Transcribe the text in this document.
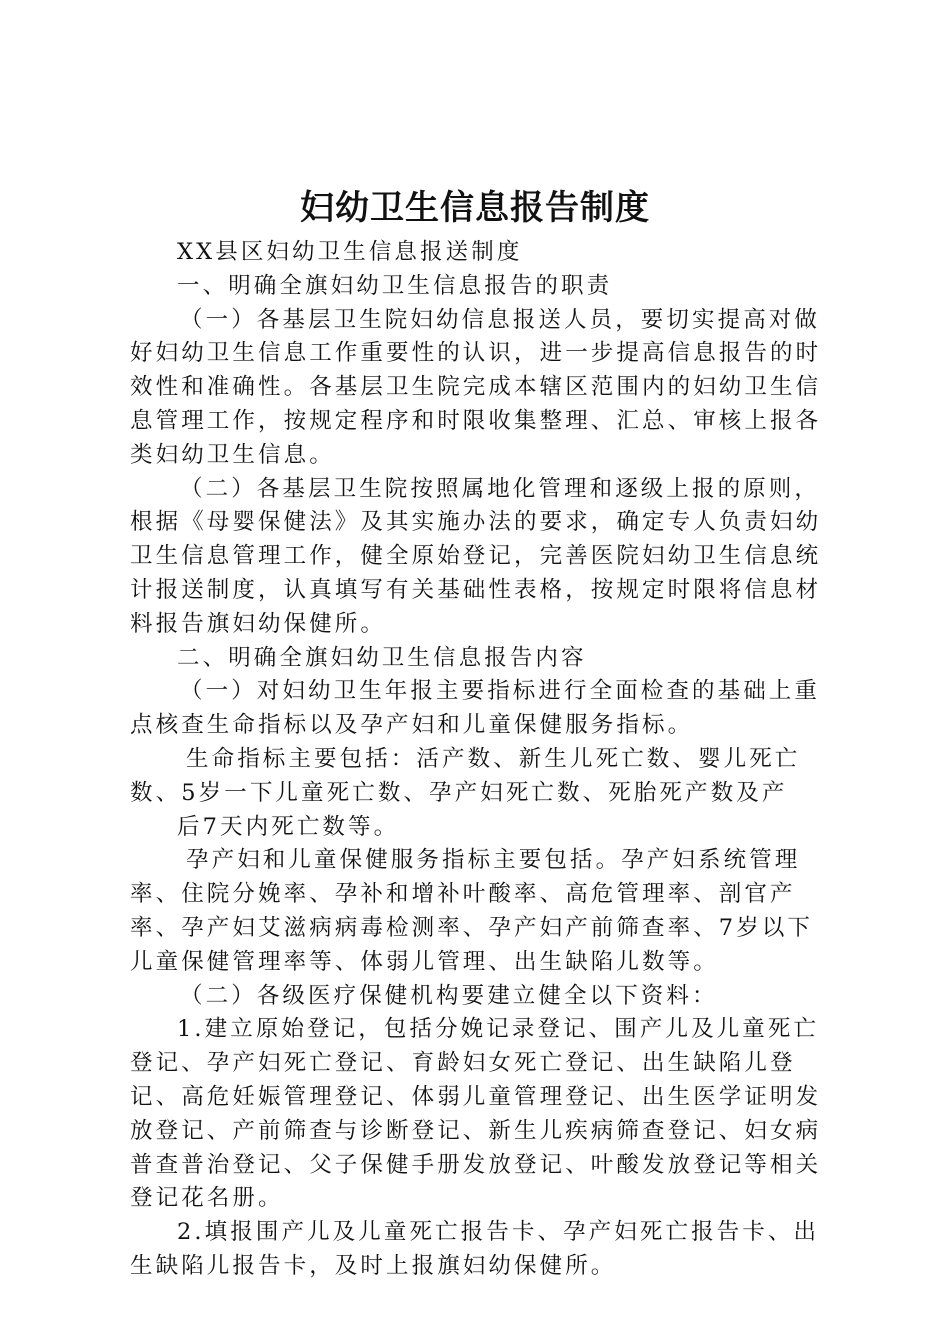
妇幼卫生信息报告制度

XX县区妇幼卫生信息报送制度

一、明确全旗妇幼卫生信息报告的职责

（一）各基层卫生院妇幼信息报送人员，要切实提高对做好妇幼卫生信息工作重要性的认识，进一步提高信息报告的时效性和准确性。各基层卫生院完成本辖区范围内的妇幼卫生信息管理工作，按规定程序和时限收集整理、汇总、审核上报各类妇幼卫生信息。

（二）各基层卫生院按照属地化管理和逐级上报的原则，根据《母婴保健法》及其实施办法的要求，确定专人负责妇幼卫生信息管理工作，健全原始登记，完善医院妇幼卫生信息统计报送制度，认真填写有关基础性表格，按规定时限将信息材料报告旗妇幼保健所。

二、明确全旗妇幼卫生信息报告内容

（一）对妇幼卫生年报主要指标进行全面检查的基础上重点核查生命指标以及孕产妇和儿童保健服务指标。

生命指标主要包括：活产数、新生儿死亡数、婴儿死亡数、5岁一下儿童死亡数、孕产妇死亡数、死胎死产数及产

后7天内死亡数等。

孕产妇和儿童保健服务指标主要包括。孕产妇系统管理率、住院分娩率、孕补和增补叶酸率、高危管理率、剖官产率、孕产妇艾滋病病毒检测率、孕产妇产前筛查率、7岁以下儿童保健管理率等、体弱儿管理、出生缺陷儿数等。

（二）各级医疗保健机构要建立健全以下资料：

1.建立原始登记，包括分娩记录登记、围产儿及儿童死亡登记、孕产妇死亡登记、育龄妇女死亡登记、出生缺陷儿登记、高危妊娠管理登记、体弱儿童管理登记、出生医学证明发放登记、产前筛查与诊断登记、新生儿疾病筛查登记、妇女病普查普治登记、父子保健手册发放登记、叶酸发放登记等相关登记花名册。

2.填报围产儿及儿童死亡报告卡、孕产妇死亡报告卡、出生缺陷儿报告卡，及时上报旗妇幼保健所。
